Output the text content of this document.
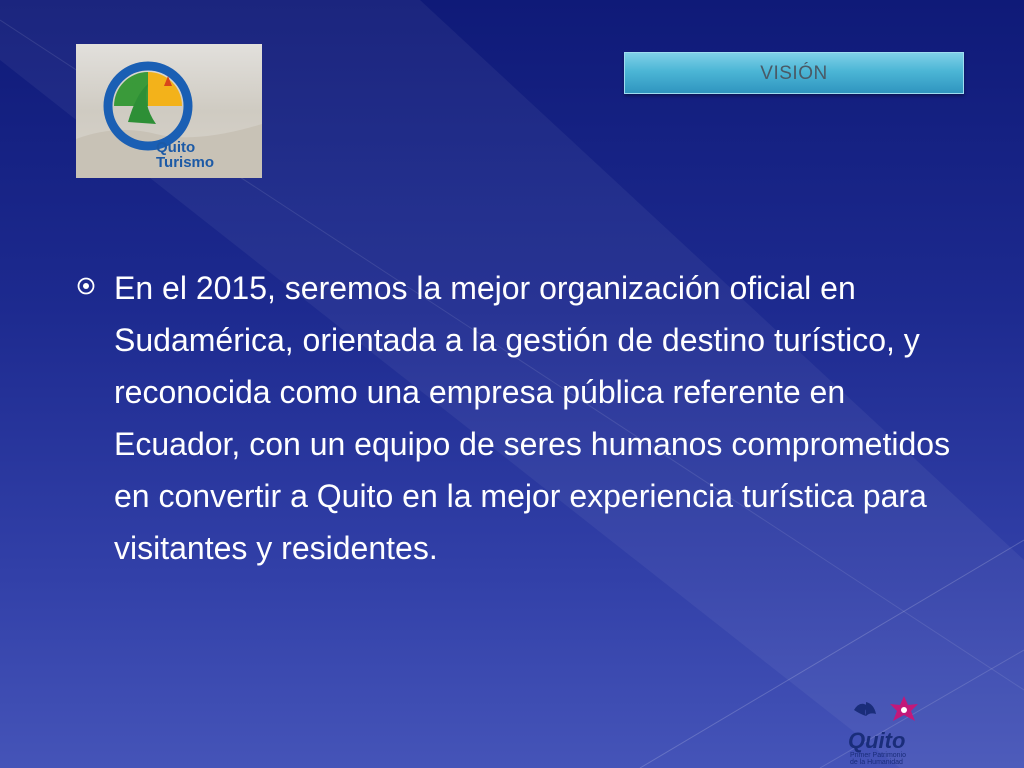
Quito
Turismo
VISIÓN
En el 2015, seremos la mejor organización oficial en Sudamérica, orientada a la gestión de destino turístico, y reconocida como una empresa pública referente en Ecuador, con un equipo de seres humanos comprometidos en convertir a Quito en la mejor experiencia turística para visitantes y residentes.
Quito
Primer Patrimonio
de la Humanidad
